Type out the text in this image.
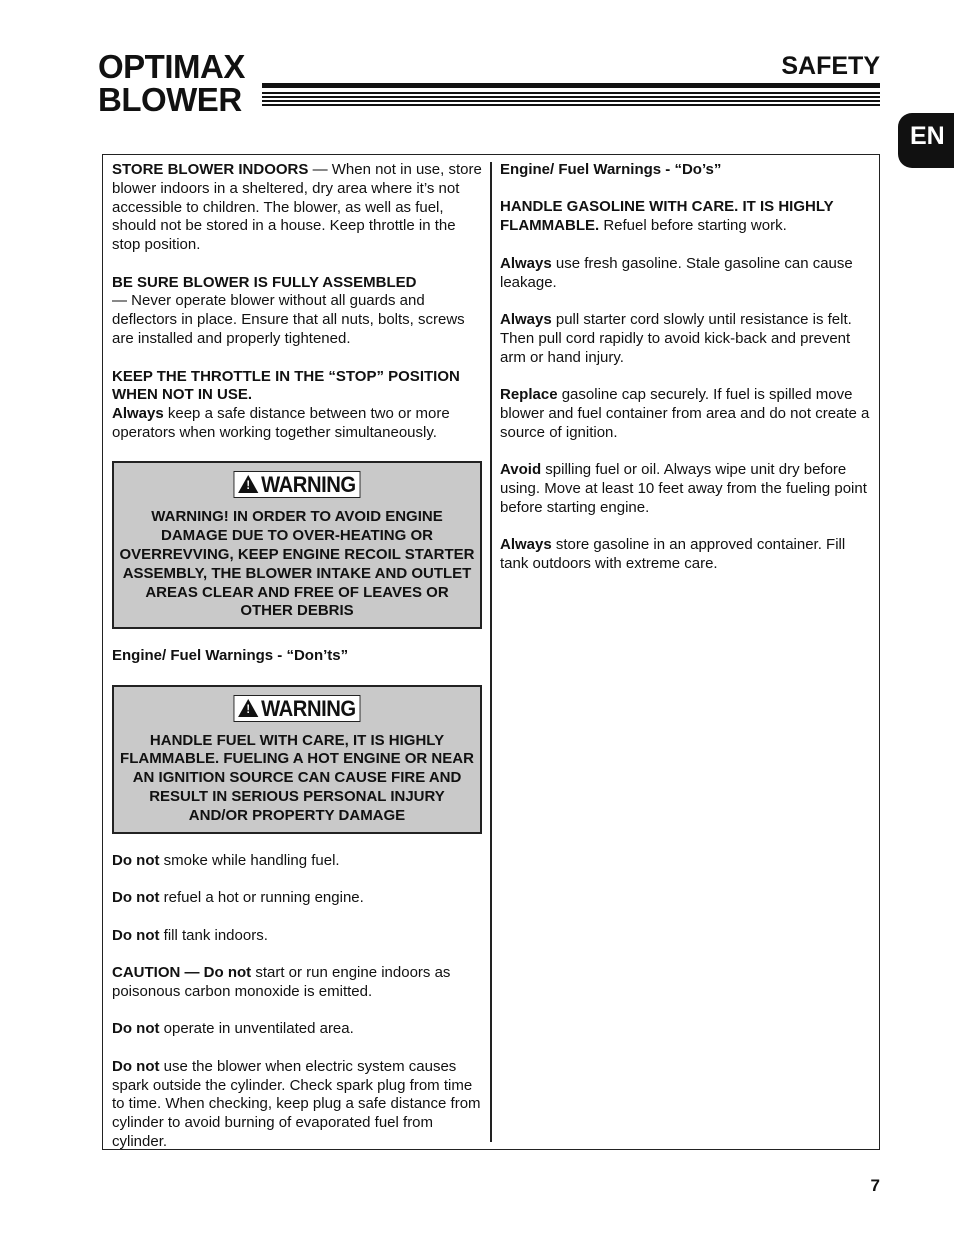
OPTIMAX
BLOWER
SAFETY
EN

STORE BLOWER INDOORS — When not in use, store blower indoors in a sheltered, dry area where it’s not accessible to children. The blower, as well as fuel, should not be stored in a house. Keep throttle in the stop position.

BE SURE BLOWER IS FULLY ASSEMBLED
— Never operate blower without all guards and deflectors in place. Ensure that all nuts, bolts, screws are installed and properly tightened.

KEEP THE THROTTLE IN THE “STOP” POSITION WHEN NOT IN USE.
Always keep a safe distance between two or more operators when working together simultaneously.

! WARNING
WARNING! IN ORDER TO AVOID ENGINE DAMAGE DUE TO OVER-HEATING OR OVERREVVING, KEEP ENGINE RECOIL STARTER ASSEMBLY, THE BLOWER INTAKE AND OUTLET AREAS CLEAR AND FREE OF LEAVES OR OTHER DEBRIS

Engine/ Fuel Warnings - “Don’ts”

! WARNING
HANDLE FUEL WITH CARE, IT IS HIGHLY FLAMMABLE. FUELING A HOT ENGINE OR NEAR AN IGNITION SOURCE CAN CAUSE FIRE AND RESULT IN SERIOUS PERSONAL INJURY AND/OR PROPERTY DAMAGE

Do not smoke while handling fuel.

Do not refuel a hot or running engine.

Do not fill tank indoors.

CAUTION — Do not start or run engine indoors as poisonous carbon monoxide is emitted.

Do not operate in unventilated area.

Do not use the blower when electric system causes spark outside the cylinder. Check spark plug from time to time. When checking, keep plug a safe distance from cylinder to avoid burning of evaporated fuel from cylinder.

Engine/ Fuel Warnings - “Do’s”

HANDLE GASOLINE WITH CARE. IT IS HIGHLY FLAMMABLE. Refuel before starting work.

Always use fresh gasoline. Stale gasoline can cause leakage.

Always pull starter cord slowly until resistance is felt. Then pull cord rapidly to avoid kick-back and prevent arm or hand injury.

Replace gasoline cap securely. If fuel is spilled move blower and fuel container from area and do not create a source of ignition.

Avoid spilling fuel or oil. Always wipe unit dry before using. Move at least 10 feet away from the fueling point before starting engine.

Always store gasoline in an approved container. Fill tank outdoors with extreme care.

7
